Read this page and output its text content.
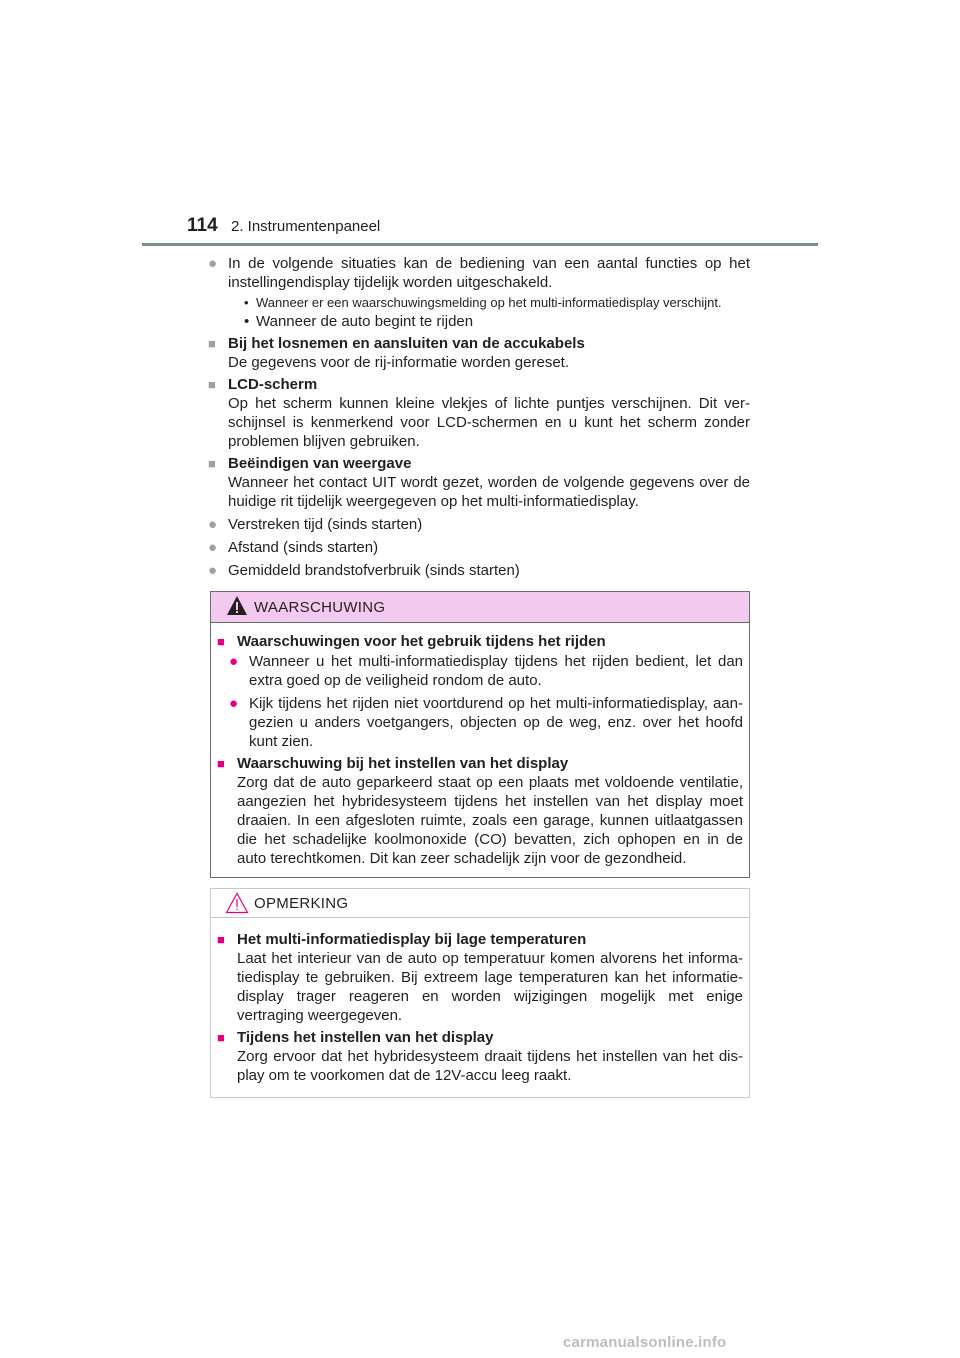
114 2. Instrumentenpaneel
● In de volgende situaties kan de bediening van een aantal functies op het instellingendisplay tijdelijk worden uitgeschakeld.
• Wanneer er een waarschuwingsmelding op het multi-informatiedisplay verschijnt.
• Wanneer de auto begint te rijden
■ Bij het losnemen en aansluiten van de accukabels
De gegevens voor de rij-informatie worden gereset.
■ LCD-scherm
Op het scherm kunnen kleine vlekjes of lichte puntjes verschijnen. Dit ver-schijnsel is kenmerkend voor LCD-schermen en u kunt het scherm zonder problemen blijven gebruiken.
■ Beëindigen van weergave
Wanneer het contact UIT wordt gezet, worden de volgende gegevens over de huidige rit tijdelijk weergegeven op het multi-informatiedisplay.
● Verstreken tijd (sinds starten)
● Afstand (sinds starten)
● Gemiddeld brandstofverbruik (sinds starten)
WAARSCHUWING
■ Waarschuwingen voor het gebruik tijdens het rijden
● Wanneer u het multi-informatiedisplay tijdens het rijden bedient, let dan extra goed op de veiligheid rondom de auto.
● Kijk tijdens het rijden niet voortdurend op het multi-informatiedisplay, aan-gezien u anders voetgangers, objecten op de weg, enz. over het hoofd kunt zien.
■ Waarschuwing bij het instellen van het display
Zorg dat de auto geparkeerd staat op een plaats met voldoende ventilatie, aangezien het hybridesysteem tijdens het instellen van het display moet draaien. In een afgesloten ruimte, zoals een garage, kunnen uitlaatgassen die het schadelijke koolmonoxide (CO) bevatten, zich ophopen en in de auto terechtkomen. Dit kan zeer schadelijk zijn voor de gezondheid.
OPMERKING
■ Het multi-informatiedisplay bij lage temperaturen
Laat het interieur van de auto op temperatuur komen alvorens het informa-tiedisplay te gebruiken. Bij extreem lage temperaturen kan het informatie-display trager reageren en worden wijzigingen mogelijk met enige vertraging weergegeven.
■ Tijdens het instellen van het display
Zorg ervoor dat het hybridesysteem draait tijdens het instellen van het dis-play om te voorkomen dat de 12V-accu leeg raakt.
carmanualsonline.info
